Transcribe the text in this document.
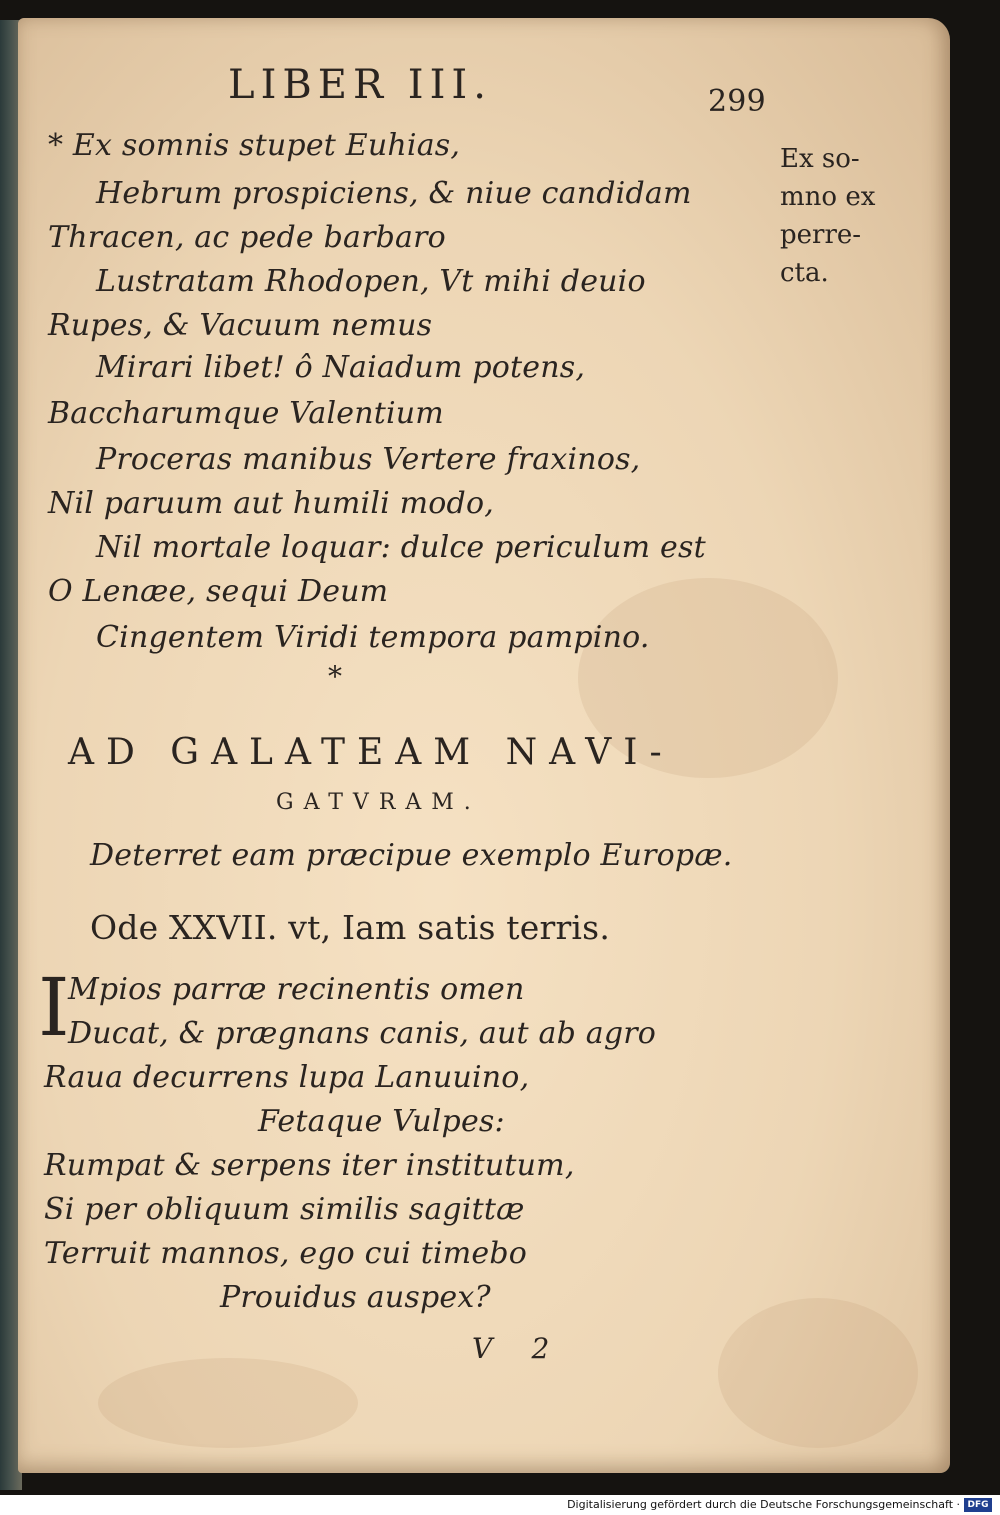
LIBER III.	299
Ex so-
mno ex
perre-
cta.
* Ex somnis stupet Euhias,
Hebrum prospiciens, & niue candidam
Thracen, ac pede barbaro
Lustratam Rhodopen, Vt mihi deuio
Rupes, & Vacuum nemus
Mirari libet! ô Naiadum potens,
Baccharumque Valentium
Proceras manibus Vertere fraxinos,
Nil paruum aut humili modo,
Nil mortale loquar: dulce periculum est
O Lenæe, sequi Deum
Cingentem Viridi tempora pampino.
*
AD GALATEAM NAVI-
GATVRAM.
Deterret eam præcipue exemplo Europæ.
Ode XXVII. vt, Iam satis terris.
I
Mpios parræ recinentis omen
Ducat, & prægnans canis, aut ab agro
Raua decurrens lupa Lanuuino,
Fetaque Vulpes:
Rumpat & serpens iter institutum,
Si per obliquum similis sagittæ
Terruit mannos, ego cui timebo
Prouidus auspex?
V 2
Digitalisierung gefördert durch die Deutsche Forschungsgemeinschaft · DFG
